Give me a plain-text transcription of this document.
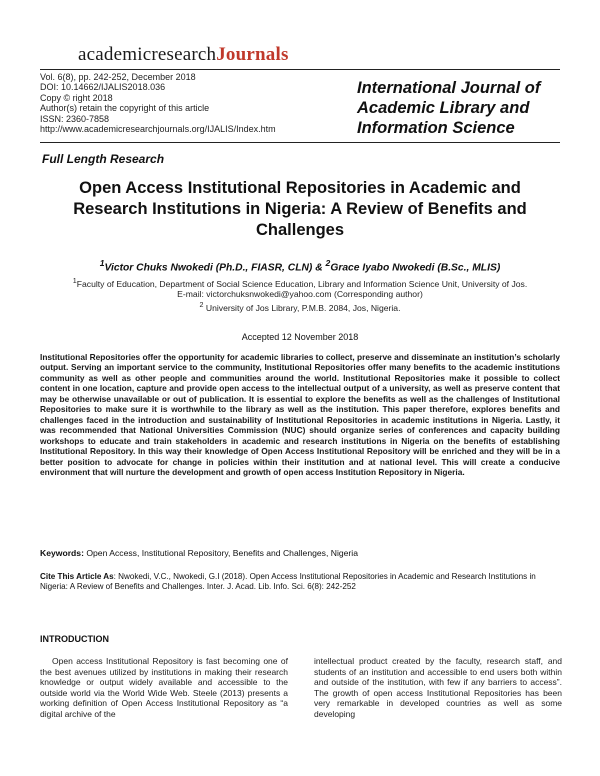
academicresearchJournals
Vol. 6(8), pp. 242-252, December 2018
DOI: 10.14662/IJALIS2018.036
Copy © right 2018
Author(s) retain the copyright of this article
ISSN: 2360-7858
http://www.academicresearchjournals.org/IJALIS/Index.htm
International Journal of Academic Library and Information Science
Full Length Research
Open Access Institutional Repositories in Academic and Research Institutions in Nigeria: A Review of Benefits and Challenges
$^1$Victor Chuks Nwokedi (Ph.D., FIASR, CLN) & $^2$Grace Iyabo Nwokedi (B.Sc., MLIS)
$^1$Faculty of Education, Department of Social Science Education, Library and Information Science Unit, University of Jos.
E-mail: victorchuksnwokedi@yahoo.com (Corresponding author)
$^2$ University of Jos Library, P.M.B. 2084, Jos, Nigeria.
Accepted 12 November 2018
Institutional Repositories offer the opportunity for academic libraries to collect, preserve and disseminate an institution’s scholarly output. Serving an important service to the community, Institutional Repositories offer many benefits to the academic institutions community as well as other people and communities around the world. Institutional Repositories make it possible to collect content in one location, capture and provide open access to the intellectual output of a university, as well as preserve content that may be otherwise unavailable or out of publication. It is essential to explore the benefits as well as the challenges of Institutional Repositories to make sure it is worthwhile to the library as well as the institution. This paper therefore, explores benefits and challenges faced in the introduction and sustainability of Institutional Repositories in academic institutions in Nigeria. Lastly, it was recommended that National Universities Commission (NUC) should organize series of conferences and capacity building workshops to educate and train stakeholders in academic and research institutions in Nigeria on the benefits of establishing Institutional Repository. In this way their knowledge of Open Access Institutional Repository will be enriched and they will be in a better position to advocate for change in policies within their institution and at national level. This will create a conducive environment that will nurture the development and growth of open access Institution Repository in Nigeria.
Keywords: Open Access, Institutional Repository, Benefits and Challenges, Nigeria
Cite This Article As: Nwokedi, V.C., Nwokedi, G.I (2018). Open Access Institutional Repositories in Academic and Research Institutions in Nigeria: A Review of Benefits and Challenges. Inter. J. Acad. Lib. Info. Sci. 6(8): 242-252
INTRODUCTION
Open access Institutional Repository is fast becoming one of the best avenues utilized by institutions in making their research knowledge or output widely available and accessible to the outside world via the World Wide Web. Steele (2013) presents a working definition of Open Access Institutional Repository as “a digital archive of the
intellectual product created by the faculty, research staff, and students of an institution and accessible to end users both within and outside of the institution, with few if any barriers to access”. The growth of open access Institutional Repositories has been very remarkable in developed countries as well as some developing
